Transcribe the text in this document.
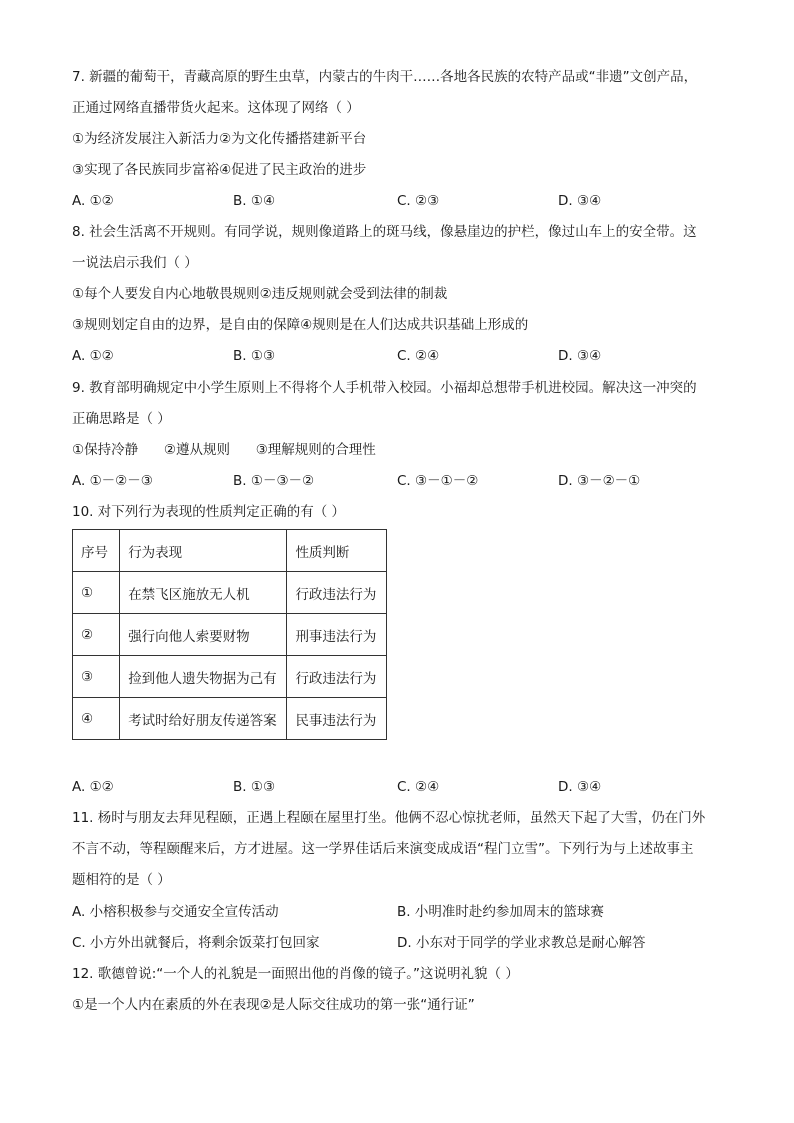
7. 新疆的葡萄干，青藏高原的野生虫草，内蒙古的牛肉干……各地各民族的农特产品或“非遗”文创产品，
正通过网络直播带货火起来。这体现了网络（ ）
①为经济发展注入新活力②为文化传播搭建新平台
③实现了各民族同步富裕④促进了民主政治的进步
A. ①②	B. ①④	C. ②③	D. ③④
8. 社会生活离不开规则。有同学说，规则像道路上的斑马线，像悬崖边的护栏，像过山车上的安全带。这
一说法启示我们（ ）
①每个人要发自内心地敬畏规则②违反规则就会受到法律的制裁
③规则划定自由的边界，是自由的保障④规则是在人们达成共识基础上形成的
A. ①②	B. ①③	C. ②④	D. ③④
9. 教育部明确规定中小学生原则上不得将个人手机带入校园。小福却总想带手机进校园。解决这一冲突的
正确思路是（ ）
①保持冷静      ②遵从规则      ③理解规则的合理性
A. ①－②－③	B. ①－③－②	C. ③－①－②	D. ③－②－①
10. 对下列行为表现的性质判定正确的有（ ）
序号	行为表现	性质判断
①	在禁飞区施放无人机	行政违法行为
②	强行向他人索要财物	刑事违法行为
③	捡到他人遗失物据为己有	行政违法行为
④	考试时给好朋友传递答案	民事违法行为
A. ①②	B. ①③	C. ②④	D. ③④
11. 杨时与朋友去拜见程颐，正遇上程颐在屋里打坐。他俩不忍心惊扰老师，虽然天下起了大雪，仍在门外
不言不动，等程颐醒来后，方才进屋。这一学界佳话后来演变成成语“程门立雪”。下列行为与上述故事主
题相符的是（ ）
A. 小榕积极参与交通安全宣传活动	B. 小明准时赴约参加周末的篮球赛
C. 小方外出就餐后，将剩余饭菜打包回家	D. 小东对于同学的学业求教总是耐心解答
12. 歌德曾说:“一个人的礼貌是一面照出他的肖像的镜子。”这说明礼貌（ ）
①是一个人内在素质的外在表现②是人际交往成功的第一张“通行证”
